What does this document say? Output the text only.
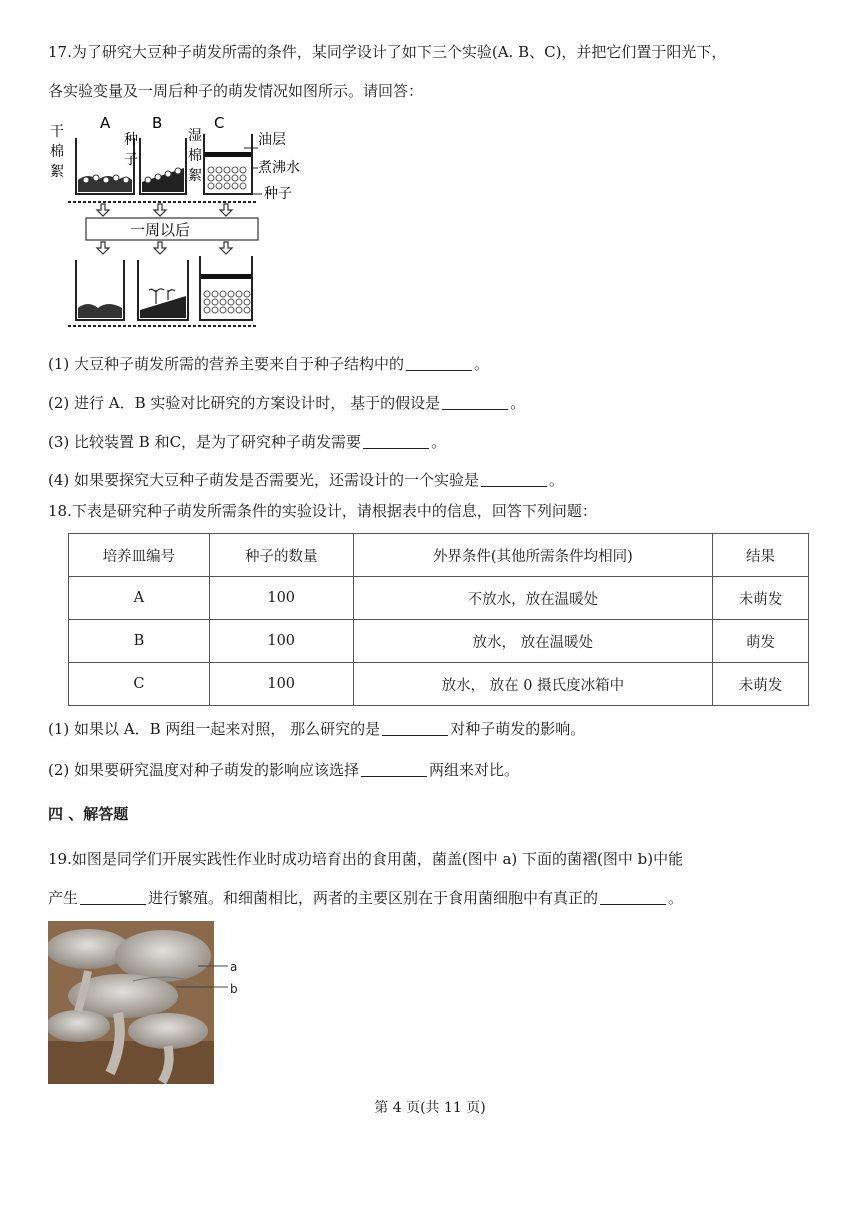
17.为了研究大豆种子萌发所需的条件，某同学设计了如下三个实验(A. B、C)，并把它们置于阳光下，
各实验变量及一周后种子的萌发情况如图所示。请回答：
A	B	C
干
棉
絮
种
子
湿
棉
絮
油层
煮沸水
种子
一周以后
(1) 大豆种子萌发所需的营养主要来自于种子结构中的	。
(2) 进行 A．B 实验对比研究的方案设计时， 基于的假设是	。
(3) 比较装置 B 和C，是为了研究种子萌发需要	。
(4) 如果要探究大豆种子萌发是否需要光，还需设计的一个实验是	。
18.下表是研究种子萌发所需条件的实验设计，请根据表中的信息，回答下列问题：
培养皿编号	种子的数量	外界条件(其他所需条件均相同)	结果
A	100	不放水，放在温暖处	未萌发
B	100	放水， 放在温暖处	萌发
C	100	放水， 放在 0 摄氏度冰箱中	未萌发
(1) 如果以 A．B 两组一起来对照， 那么研究的是	对种子萌发的影响。
(2) 如果要研究温度对种子萌发的影响应该选择	两组来对比。
四 、解答题
19.如图是同学们开展实践性作业时成功培育出的食用菌，菌盖(图中 a) 下面的菌褶(图中 b)中能
产生	进行繁殖。和细菌相比，两者的主要区别在于食用菌细胞中有真正的	。
a
b
第 4 页(共 11 页)
